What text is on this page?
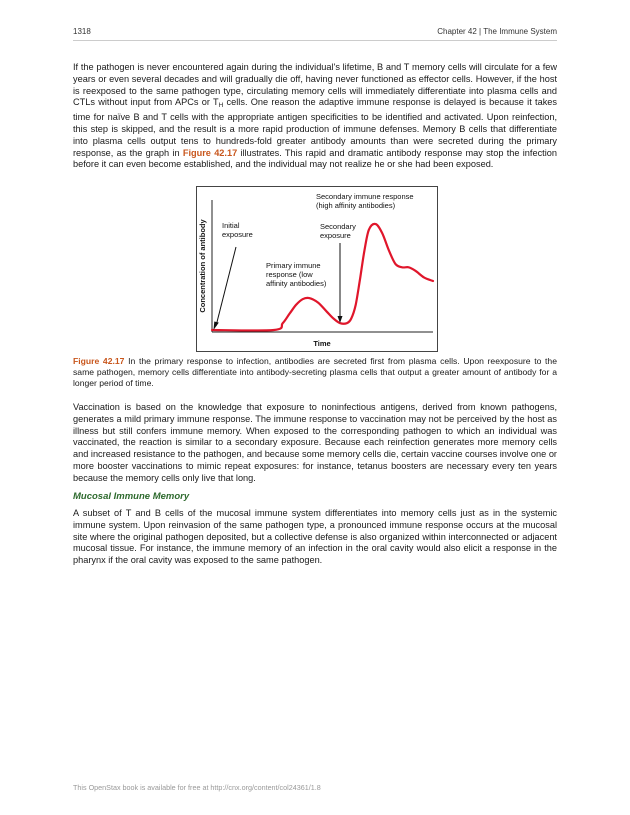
1318	Chapter 42 | The Immune System
If the pathogen is never encountered again during the individual's lifetime, B and T memory cells will circulate for a few years or even several decades and will gradually die off, having never functioned as effector cells. However, if the host is reexposed to the same pathogen type, circulating memory cells will immediately differentiate into plasma cells and CTLs without input from APCs or $T_H$ cells. One reason the adaptive immune response is delayed is because it takes time for naïve B and T cells with the appropriate antigen specificities to be identified and activated. Upon reinfection, this step is skipped, and the result is a more rapid production of immune defenses. Memory B cells that differentiate into plasma cells output tens to hundreds-fold greater antibody amounts than were secreted during the primary response, as the graph in Figure 42.17 illustrates. This rapid and dramatic antibody response may stop the infection before it can even become established, and the individual may not realize he or she had been exposed.
Concentration of antibody
Time
Initial
exposure
Secondary
exposure
Primary immune
response (low
affinity antibodies)
Secondary immune response
(high affinity antibodies)
Figure 42.17 In the primary response to infection, antibodies are secreted first from plasma cells. Upon reexposure to the same pathogen, memory cells differentiate into antibody-secreting plasma cells that output a greater amount of antibody for a longer period of time.
Vaccination is based on the knowledge that exposure to noninfectious antigens, derived from known pathogens, generates a mild primary immune response. The immune response to vaccination may not be perceived by the host as illness but still confers immune memory. When exposed to the corresponding pathogen to which an individual was vaccinated, the reaction is similar to a secondary exposure. Because each reinfection generates more memory cells and increased resistance to the pathogen, and because some memory cells die, certain vaccine courses involve one or more booster vaccinations to mimic repeat exposures: for instance, tetanus boosters are necessary every ten years because the memory cells only live that long.
Mucosal Immune Memory
A subset of T and B cells of the mucosal immune system differentiates into memory cells just as in the systemic immune system. Upon reinvasion of the same pathogen type, a pronounced immune response occurs at the mucosal site where the original pathogen deposited, but a collective defense is also organized within interconnected or adjacent mucosal tissue. For instance, the immune memory of an infection in the oral cavity would also elicit a response in the pharynx if the oral cavity was exposed to the same pathogen.
This OpenStax book is available for free at http://cnx.org/content/col24361/1.8
